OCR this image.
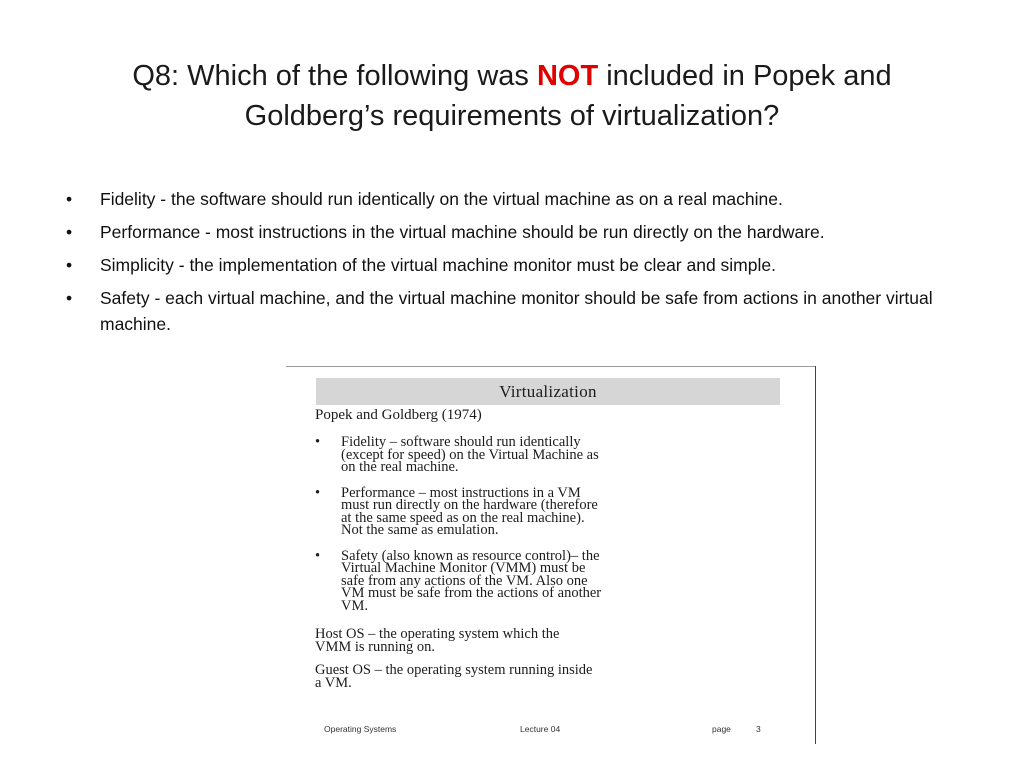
Q8: Which of the following was NOT included in Popek and Goldberg’s requirements of virtualization?
• Fidelity - the software should run identically on the virtual machine as on a real machine.
• Performance - most instructions in the virtual machine should be run directly on the hardware.
• Simplicity - the implementation of the virtual machine monitor must be clear and simple.
• Safety - each virtual machine, and the virtual machine monitor should be safe from actions in another virtual machine.
Virtualization
Popek and Goldberg (1974)
• Fidelity – software should run identically
(except for speed) on the Virtual Machine as
on the real machine.
• Performance – most instructions in a VM
must run directly on the hardware (therefore
at the same speed as on the real machine).
Not the same as emulation.
• Safety (also known as resource control)– the
Virtual Machine Monitor (VMM) must be
safe from any actions of the VM. Also one
VM must be safe from the actions of another
VM.
Host OS – the operating system which the
VMM is running on.
Guest OS – the operating system running inside
a VM.
Operating Systems	Lecture 04	page	3
